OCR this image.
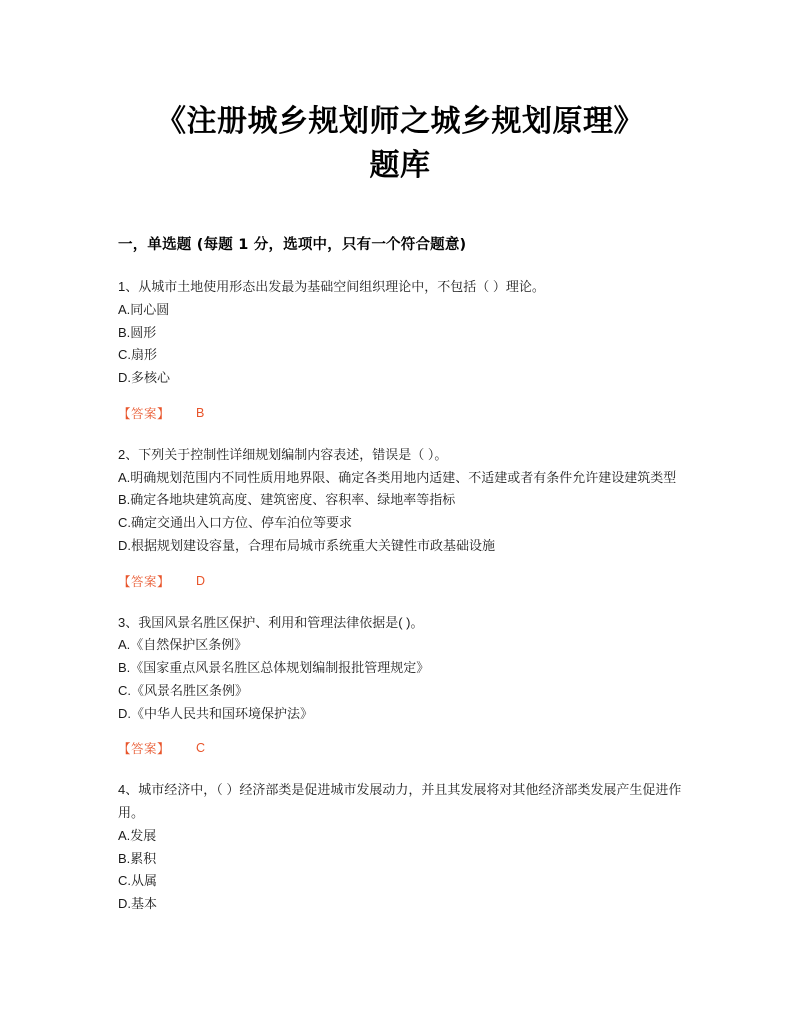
《注册城乡规划师之城乡规划原理》
题库
一，单选题 (每题 1 分，选项中，只有一个符合题意)
1、从城市土地使用形态出发最为基础空间组织理论中，不包括（ ）理论。
A.同心圆
B.圆形
C.扇形
D.多核心
【答案】 B
2、下列关于控制性详细规划编制内容表述，错误是（ ）。
A.明确规划范围内不同性质用地界限、确定各类用地内适建、不适建或者有条件允许建设建筑类型
B.确定各地块建筑高度、建筑密度、容积率、绿地率等指标
C.确定交通出入口方位、停车泊位等要求
D.根据规划建设容量，合理布局城市系统重大关键性市政基础设施
【答案】 D
3、我国风景名胜区保护、利用和管理法律依据是( )。
A.《自然保护区条例》
B.《国家重点风景名胜区总体规划编制报批管理规定》
C.《风景名胜区条例》
D.《中华人民共和国环境保护法》
【答案】 C
4、城市经济中，（ ）经济部类是促进城市发展动力，并且其发展将对其他经济部类发展产生促进作用。
A.发展
B.累积
C.从属
D.基本
